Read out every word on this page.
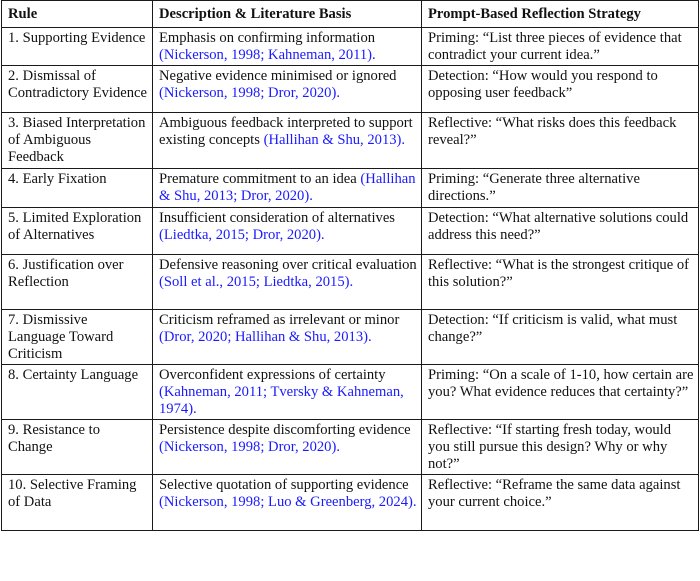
Rule	Description & Literature Basis	Prompt-Based Reflection Strategy
1. Supporting Evidence	Emphasis on confirming information (Nickerson, 1998; Kahneman, 2011).	Priming: “List three pieces of evidence that contradict your current idea.”
2. Dismissal of Contradictory Evidence	Negative evidence minimised or ignored (Nickerson, 1998; Dror, 2020).	Detection: “How would you respond to opposing user feedback”
3. Biased Interpretation of Ambiguous Feedback	Ambiguous feedback interpreted to support existing concepts (Hallihan & Shu, 2013).	Reflective: “What risks does this feedback reveal?”
4. Early Fixation	Premature commitment to an idea (Hallihan & Shu, 2013; Dror, 2020).	Priming: “Generate three alternative directions.”
5. Limited Exploration of Alternatives	Insufficient consideration of alternatives (Liedtka, 2015; Dror, 2020).	Detection: “What alternative solutions could address this need?”
6. Justification over Reflection	Defensive reasoning over critical evaluation (Soll et al., 2015; Liedtka, 2015).	Reflective: “What is the strongest critique of this solution?”
7. Dismissive Language Toward Criticism	Criticism reframed as irrelevant or minor (Dror, 2020; Hallihan & Shu, 2013).	Detection: “If criticism is valid, what must change?”
8. Certainty Language	Overconfident expressions of certainty (Kahneman, 2011; Tversky & Kahneman, 1974).	Priming: “On a scale of 1-10, how certain are you? What evidence reduces that certainty?”
9. Resistance to Change	Persistence despite discomforting evidence (Nickerson, 1998; Dror, 2020).	Reflective: “If starting fresh today, would you still pursue this design? Why or why not?”
10. Selective Framing of Data	Selective quotation of supporting evidence (Nickerson, 1998; Luo & Greenberg, 2024).	Reflective: “Reframe the same data against your current choice.”
